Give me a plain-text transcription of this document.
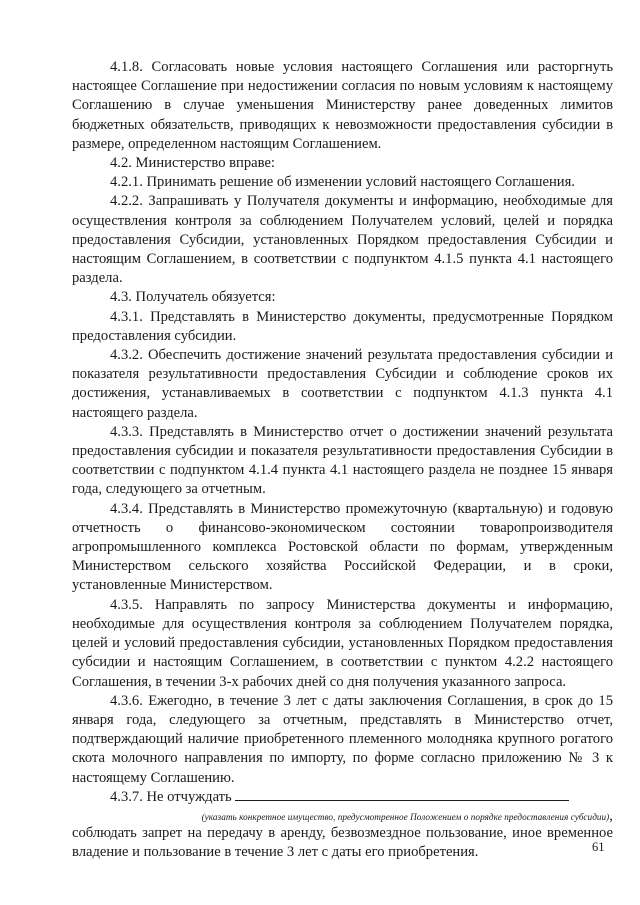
4.1.8. Согласовать новые условия настоящего Соглашения или расторгнуть настоящее Соглашение при недостижении согласия по новым условиям к настоящему Соглашению в случае уменьшения Министерству ранее доведенных лимитов бюджетных обязательств, приводящих к невозможности предоставления субсидии в размере, определенном настоящим Соглашением.

4.2. Министерство вправе:

4.2.1. Принимать решение об изменении условий настоящего Соглашения.

4.2.2. Запрашивать у Получателя документы и информацию, необходимые для осуществления контроля за соблюдением Получателем условий, целей и порядка предоставления Субсидии, установленных Порядком предоставления Субсидии и настоящим Соглашением, в соответствии с подпунктом 4.1.5 пункта 4.1 настоящего раздела.

4.3. Получатель обязуется:

4.3.1. Представлять в Министерство документы, предусмотренные Порядком предоставления субсидии.

4.3.2. Обеспечить достижение значений результата предоставления субсидии и показателя результативности предоставления Субсидии и соблюдение сроков их достижения, устанавливаемых в соответствии с подпунктом 4.1.3 пункта 4.1 настоящего раздела.

4.3.3. Представлять в Министерство отчет о достижении значений результата предоставления субсидии и показателя результативности предоставления Субсидии в соответствии с подпунктом 4.1.4 пункта 4.1 настоящего раздела не позднее 15 января года, следующего за отчетным.

4.3.4. Представлять в Министерство промежуточную (квартальную) и годовую отчетность о финансово-экономическом состоянии товаропроизводителя агропромышленного комплекса Ростовской области по формам, утвержденным Министерством сельского хозяйства Российской Федерации, и в сроки, установленные Министерством.

4.3.5. Направлять по запросу Министерства документы и информацию, необходимые для осуществления контроля за соблюдением Получателем порядка, целей и условий предоставления субсидии, установленных Порядком предоставления субсидии и настоящим Соглашением, в соответствии с пунктом 4.2.2 настоящего Соглашения, в течении 3-х рабочих дней со дня получения указанного запроса.

4.3.6. Ежегодно, в течение 3 лет с даты заключения Соглашения, в срок до 15 января года, следующего за отчетным, представлять в Министерство отчет, подтверждающий наличие приобретенного племенного молодняка крупного рогатого скота молочного направления по импорту, по форме согласно приложению № 3 к настоящему Соглашению.

4.3.7. Не отчуждать

(указать конкретное имущество, предусмотренное Положением о порядке предоставления субсидии),

соблюдать запрет на передачу в аренду, безвозмездное пользование, иное временное владение и пользование в течение 3 лет с даты его приобретения.	61
